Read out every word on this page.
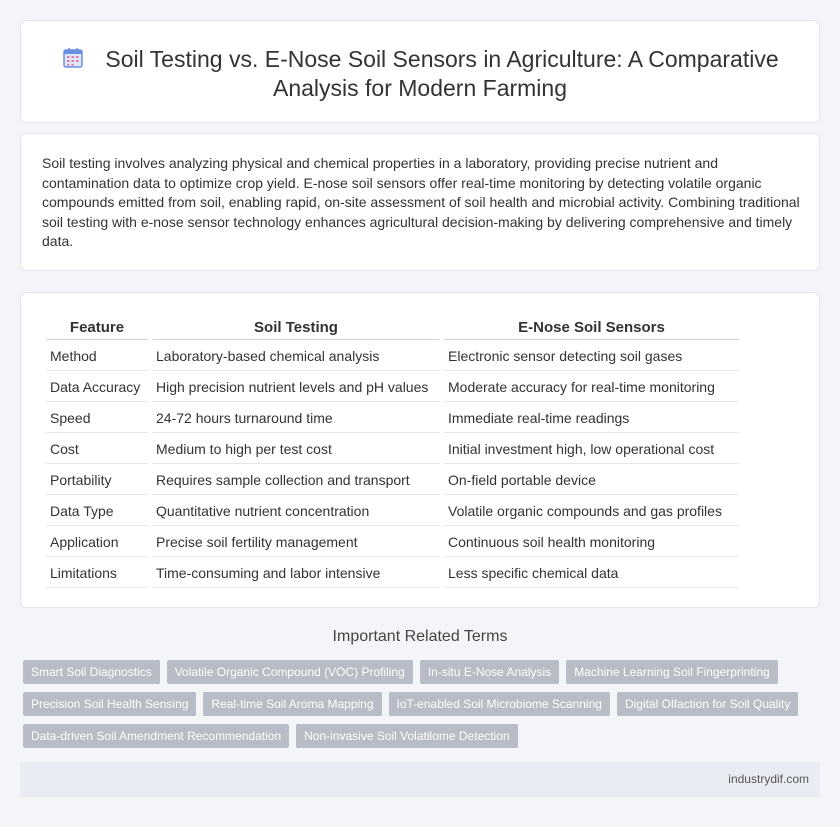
Soil Testing vs. E-Nose Soil Sensors in Agriculture: A Comparative
Analysis for Modern Farming

Soil testing involves analyzing physical and chemical properties in a laboratory, providing precise nutrient and contamination data to optimize crop yield. E-nose soil sensors offer real-time monitoring by detecting volatile organic compounds emitted from soil, enabling rapid, on-site assessment of soil health and microbial activity. Combining traditional soil testing with e-nose sensor technology enhances agricultural decision-making by delivering comprehensive and timely data.

Feature	Soil Testing	E-Nose Soil Sensors
Method	Laboratory-based chemical analysis	Electronic sensor detecting soil gases
Data Accuracy	High precision nutrient levels and pH values	Moderate accuracy for real-time monitoring
Speed	24-72 hours turnaround time	Immediate real-time readings
Cost	Medium to high per test cost	Initial investment high, low operational cost
Portability	Requires sample collection and transport	On-field portable device
Data Type	Quantitative nutrient concentration	Volatile organic compounds and gas profiles
Application	Precise soil fertility management	Continuous soil health monitoring
Limitations	Time-consuming and labor intensive	Less specific chemical data
Important Related Terms
Smart Soil Diagnostics	Volatile Organic Compound (VOC) Profiling	In-situ E-Nose Analysis	Machine Learning Soil Fingerprinting
Precision Soil Health Sensing	Real-time Soil Aroma Mapping	IoT-enabled Soil Microbiome Scanning	Digital Olfaction for Soil Quality
Data-driven Soil Amendment Recommendation	Non-invasive Soil Volatilome Detection
industrydif.com
